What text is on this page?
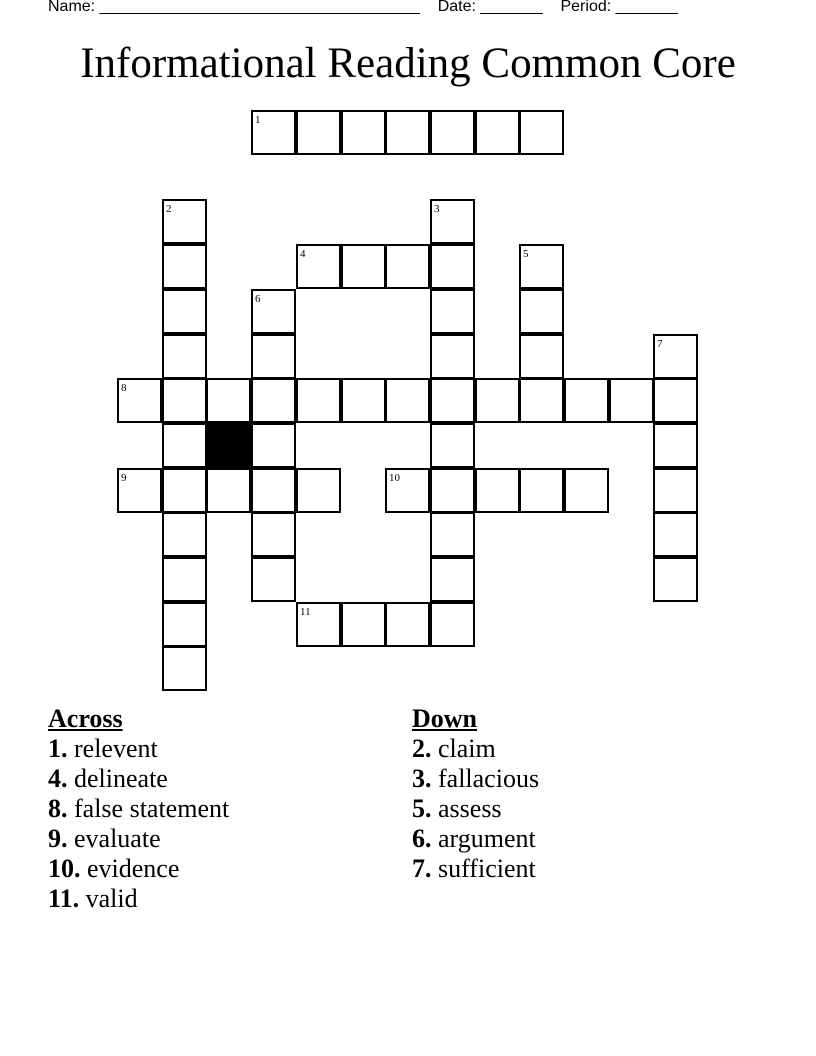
Name: ____________________________________ Date: _______ Period: _______
Informational Reading Common Core
1
2	3
4	5
6
7
8
9	10
11
Across
1. relevent
4. delineate
8. false statement
9. evaluate
10. evidence
11. valid
Down
2. claim
3. fallacious
5. assess
6. argument
7. sufficient
